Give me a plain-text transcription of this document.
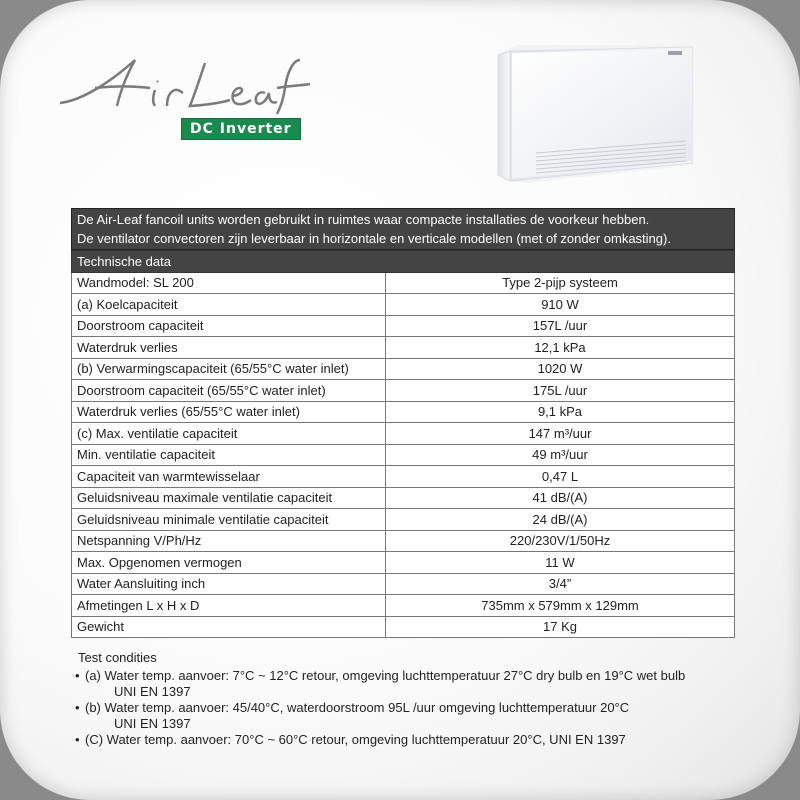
DC Inverter
De Air-Leaf fancoil units worden gebruikt in ruimtes waar compacte installaties de voorkeur hebben.
De ventilator convectoren zijn leverbaar in horizontale en verticale modellen (met of zonder omkasting).
Technische data	
Wandmodel: SL 200	Type 2-pijp systeem
(a) Koelcapaciteit	910 W
Doorstroom capaciteit	157L /uur
Waterdruk verlies	12,1 kPa
(b) Verwarmingscapaciteit (65/55°C water inlet)	1020 W
Doorstroom capaciteit (65/55°C water inlet)	175L /uur
Waterdruk verlies (65/55°C water inlet)	9,1 kPa
(c) Max. ventilatie capaciteit	147 m³/uur
Min. ventilatie capaciteit	49 m³/uur
Capaciteit van warmtewisselaar	0,47 L
Geluidsniveau maximale ventilatie capaciteit	41 dB/(A)
Geluidsniveau minimale ventilatie capaciteit	24 dB/(A)
Netspanning V/Ph/Hz	220/230V/1/50Hz
Max. Opgenomen vermogen	11 W
Water Aansluiting inch	3/4”
Afmetingen L x H x D	735mm x 579mm x 129mm
Gewicht	17 Kg
Test condities
• (a) Water temp. aanvoer: 7°C ~ 12°C retour, omgeving luchttemperatuur 27°C dry bulb en 19°C wet bulb
UNI EN 1397
• (b) Water temp. aanvoer: 45/40°C, waterdoorstroom 95L /uur omgeving luchttemperatuur 20°C
UNI EN 1397
• (C) Water temp. aanvoer: 70°C ~ 60°C retour, omgeving luchttemperatuur 20°C, UNI EN 1397
